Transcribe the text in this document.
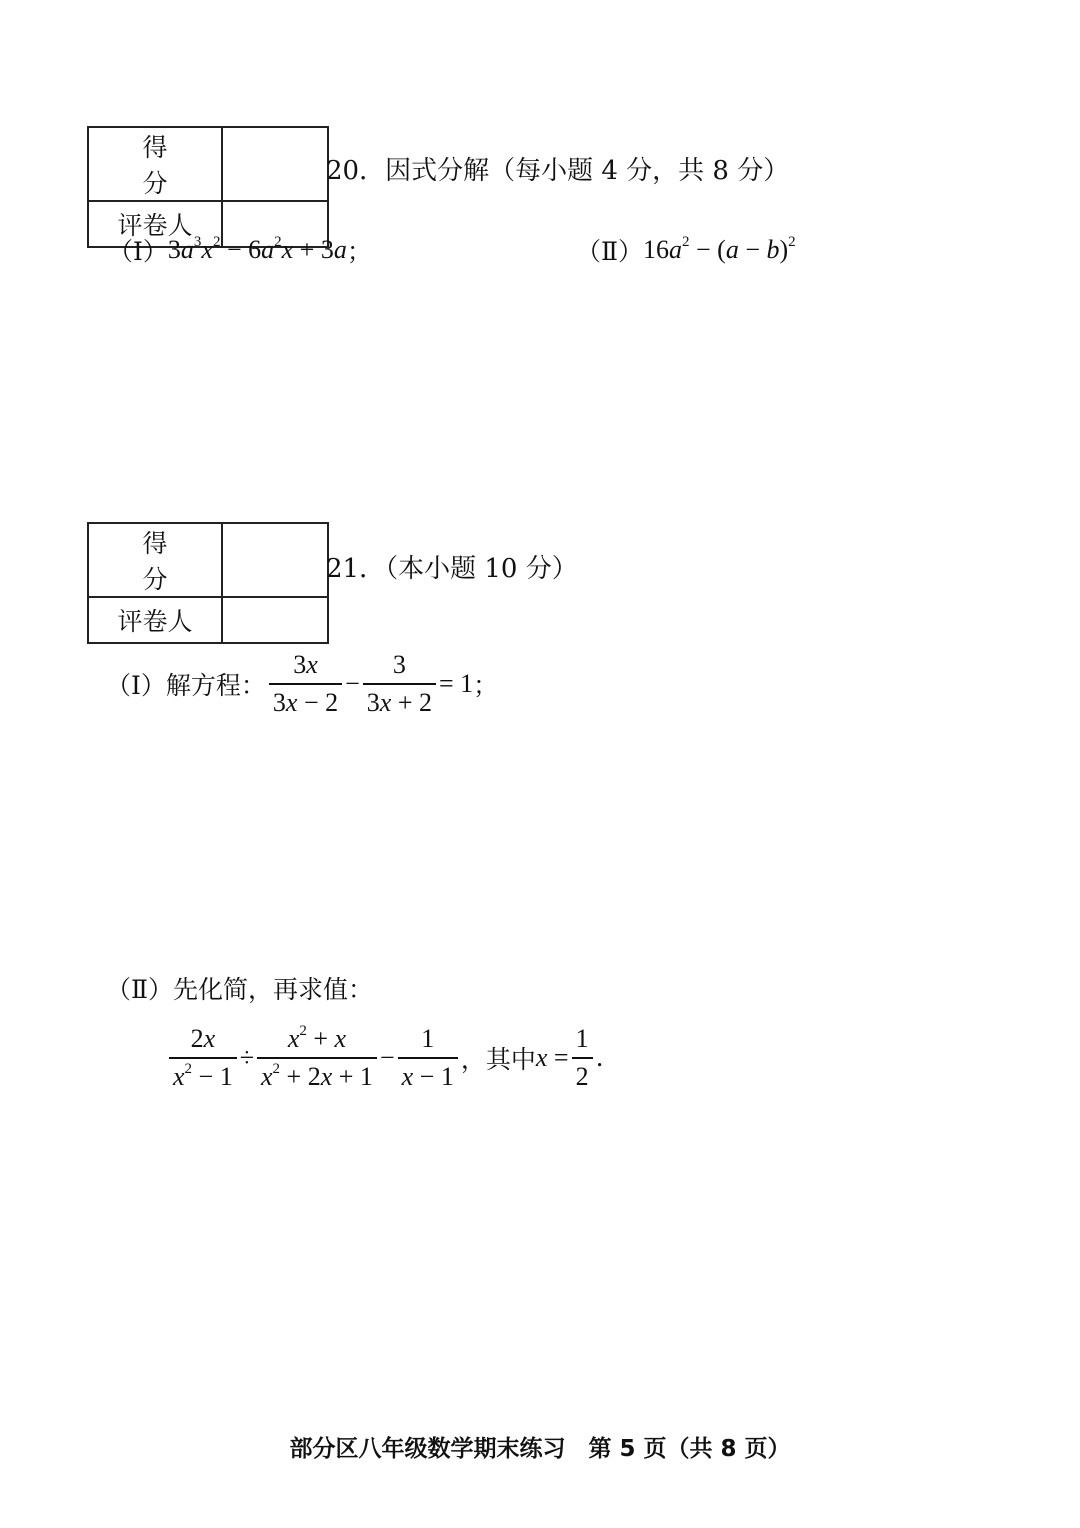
得分	
评卷人	
20．因式分解（每小题 4 分，共 8 分）
（Ⅰ） $3a^3x^2 - 6a^2x + 3a$ ；	（Ⅱ） $16a^2 - (a - b)^2$
得分	
评卷人	
21．（本小题 10 分）
（Ⅰ）解方程： $\frac{3x}{3x - 2} - \frac{3}{3x + 2} = 1$ ；
（Ⅱ）先化简，再求值：
$\frac{2x}{x^2 - 1} \div \frac{x^2 + x}{x^2 + 2x + 1} - \frac{1}{x - 1}$ ，其中 $x = \frac{1}{2}$ .
部分区八年级数学期末练习　第 5 页（共 8 页）
